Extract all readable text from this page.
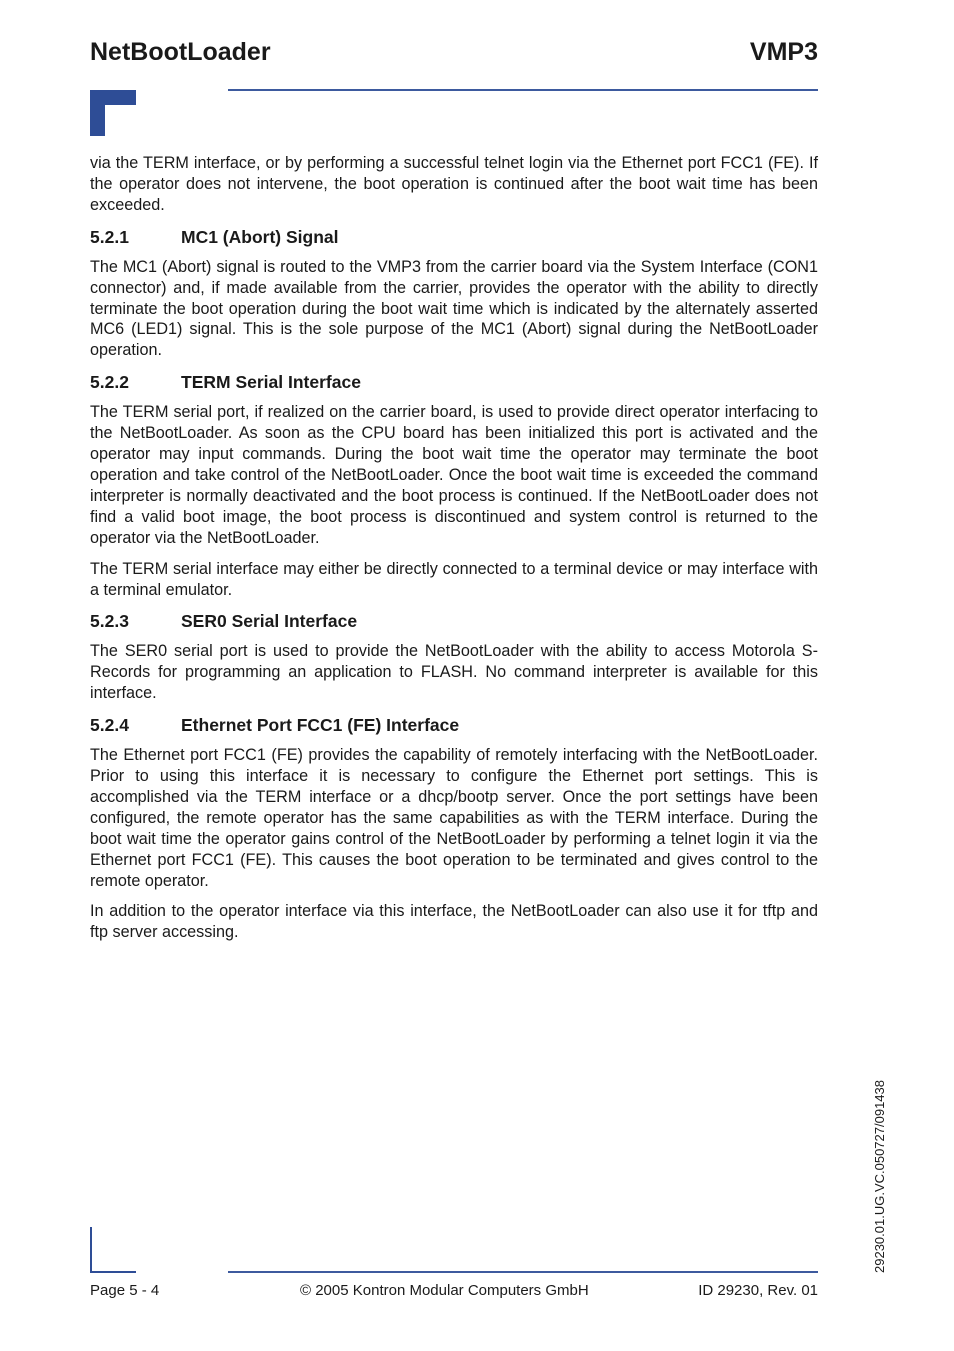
NetBootLoader	VMP3

via the TERM interface, or by performing a successful telnet login via the Ethernet port FCC1 (FE). If the operator does not intervene, the boot operation is continued after the boot wait time has been exceeded.

5.2.1	MC1 (Abort) Signal

The MC1 (Abort) signal is routed to the VMP3 from the carrier board via the System Interface (CON1 connector) and, if made available from the carrier, provides the operator with the ability to directly terminate the boot operation during the boot wait time which is indicated by the alternately asserted MC6 (LED1) signal. This is the sole purpose of the MC1 (Abort) signal during the NetBootLoader operation.

5.2.2	TERM Serial Interface

The TERM serial port, if realized on the carrier board, is used to provide direct operator interfacing to the NetBootLoader. As soon as the CPU board has been initialized this port is activated and the operator may input commands. During the boot wait time the operator may terminate the boot operation and take control of the NetBootLoader. Once the boot wait time is exceeded the command interpreter is normally deactivated and the boot process is continued. If the NetBootLoader does not find a valid boot image, the boot process is discontinued and system control is returned to the operator via the NetBootLoader.

The TERM serial interface may either be directly connected to a terminal device or may interface with a terminal emulator.

5.2.3	SER0 Serial Interface

The SER0 serial port is used to provide the NetBootLoader with the ability to access Motorola S-Records for programming an application to FLASH. No command interpreter is available for this interface.

5.2.4	Ethernet Port FCC1 (FE) Interface

The Ethernet port FCC1 (FE) provides the capability of remotely interfacing with the NetBootLoader. Prior to using this interface it is necessary to configure the Ethernet port settings. This is accomplished via the TERM interface or a dhcp/bootp server. Once the port settings have been configured, the remote operator has the same capabilities as with the TERM interface. During the boot wait time the operator gains control of the NetBootLoader by performing a telnet login it via the Ethernet port FCC1 (FE). This causes the boot operation to be terminated and gives control to the remote operator.

In addition to the operator interface via this interface, the NetBootLoader can also use it for tftp and ftp server accessing.

29230.01.UG.VC.050727/091438
Page 5 - 4	© 2005 Kontron Modular Computers GmbH	ID 29230, Rev. 01
